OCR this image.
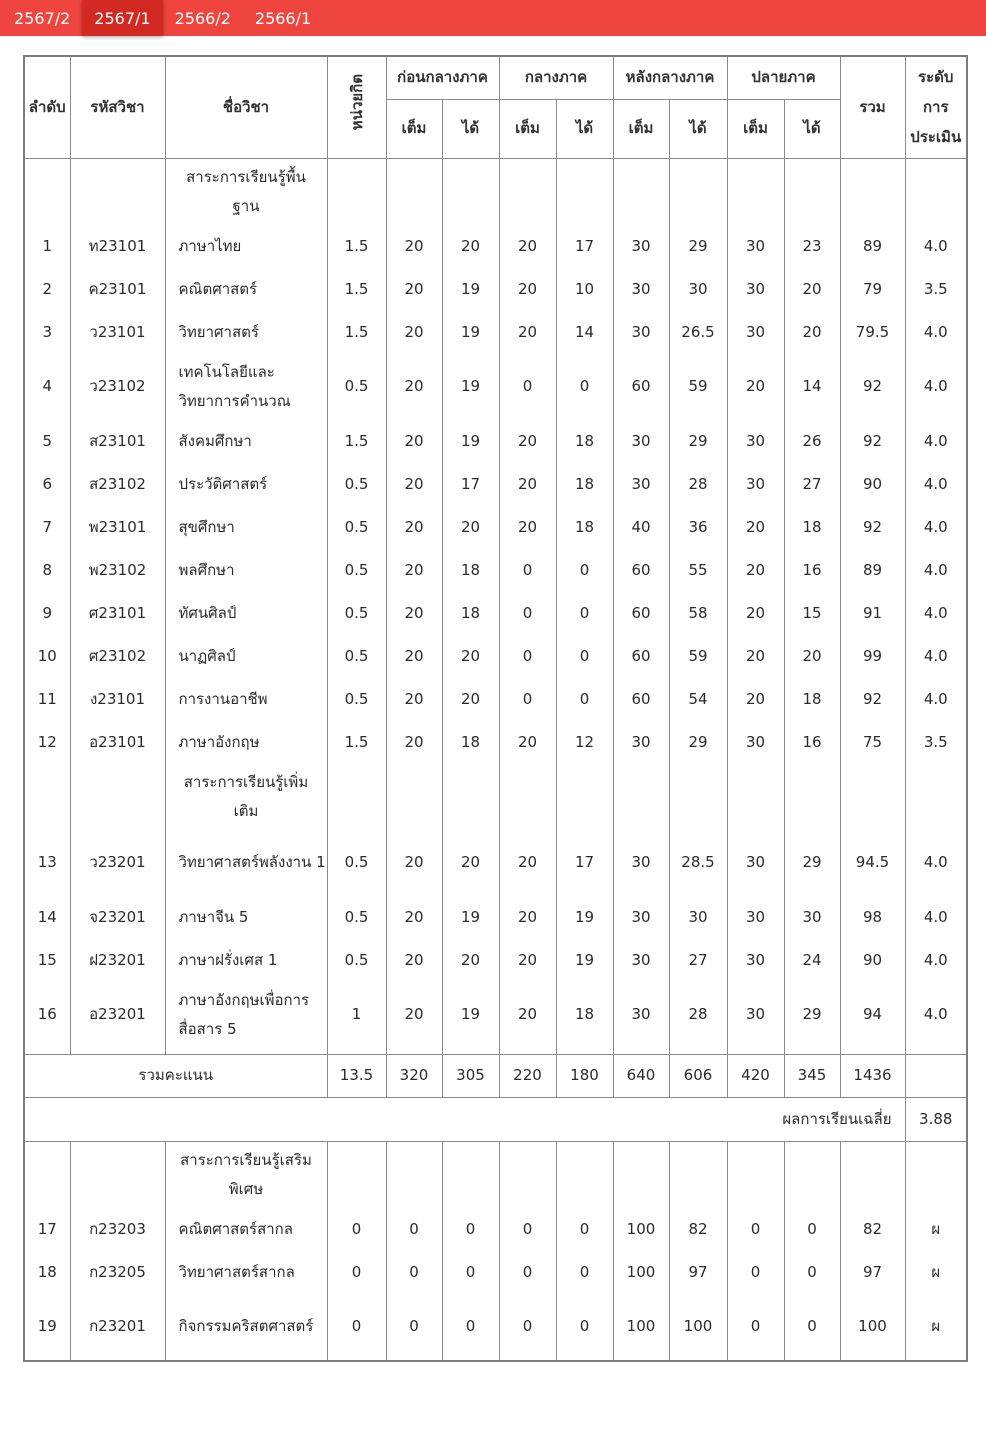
2567/2	2567/1	2566/2	2566/1
ลำดับ	รหัสวิชา	ชื่อวิชา	หน่วยกิต	ก่อนกลางภาค		กลางภาค		หลังกลางภาค		ปลายภาค		รวม	ระดับการประเมิน
				เต็ม	ได้	เต็ม	ได้	เต็ม	ได้	เต็ม	ได้		
		สาระการเรียนรู้พื้นฐาน											
1	ท23101	ภาษาไทย	1.5	20	20	20	17	30	29	30	23	89	4.0
2	ค23101	คณิตศาสตร์	1.5	20	19	20	10	30	30	30	20	79	3.5
3	ว23101	วิทยาศาสตร์	1.5	20	19	20	14	30	26.5	30	20	79.5	4.0
4	ว23102	เทคโนโลยีและวิทยาการคำนวณ	0.5	20	19	0	0	60	59	20	14	92	4.0
5	ส23101	สังคมศึกษา	1.5	20	19	20	18	30	29	30	26	92	4.0
6	ส23102	ประวัติศาสตร์	0.5	20	17	20	18	30	28	30	27	90	4.0
7	พ23101	สุขศึกษา	0.5	20	20	20	18	40	36	20	18	92	4.0
8	พ23102	พลศึกษา	0.5	20	18	0	0	60	55	20	16	89	4.0
9	ศ23101	ทัศนศิลป์	0.5	20	18	0	0	60	58	20	15	91	4.0
10	ศ23102	นาฏศิลป์	0.5	20	20	0	0	60	59	20	20	99	4.0
11	ง23101	การงานอาชีพ	0.5	20	20	0	0	60	54	20	18	92	4.0
12	อ23101	ภาษาอังกฤษ	1.5	20	18	20	12	30	29	30	16	75	3.5
		สาระการเรียนรู้เพิ่มเติม											
13	ว23201	วิทยาศาสตร์พลังงาน 1	0.5	20	20	20	17	30	28.5	30	29	94.5	4.0
14	จ23201	ภาษาจีน 5	0.5	20	19	20	19	30	30	30	30	98	4.0
15	ฝ23201	ภาษาฝรั่งเศส 1	0.5	20	20	20	19	30	27	30	24	90	4.0
16	อ23201	ภาษาอังกฤษเพื่อการสื่อสาร 5	1	20	19	20	18	30	28	30	29	94	4.0

รวมคะแนน			13.5	320	305	220	180	640	606	420	345	1436	
ผลการเรียนเฉลี่ย													3.88
		สาระการเรียนรู้เสริมพิเศษ											
17	ก23203	คณิตศาสตร์สากล	0	0	0	0	0	100	82	0	0	82	ผ
18	ก23205	วิทยาศาสตร์สากล	0	0	0	0	0	100	97	0	0	97	ผ
19	ก23201	กิจกรรมคริสตศาสตร์	0	0	0	0	0	100	100	0	0	100	ผ
